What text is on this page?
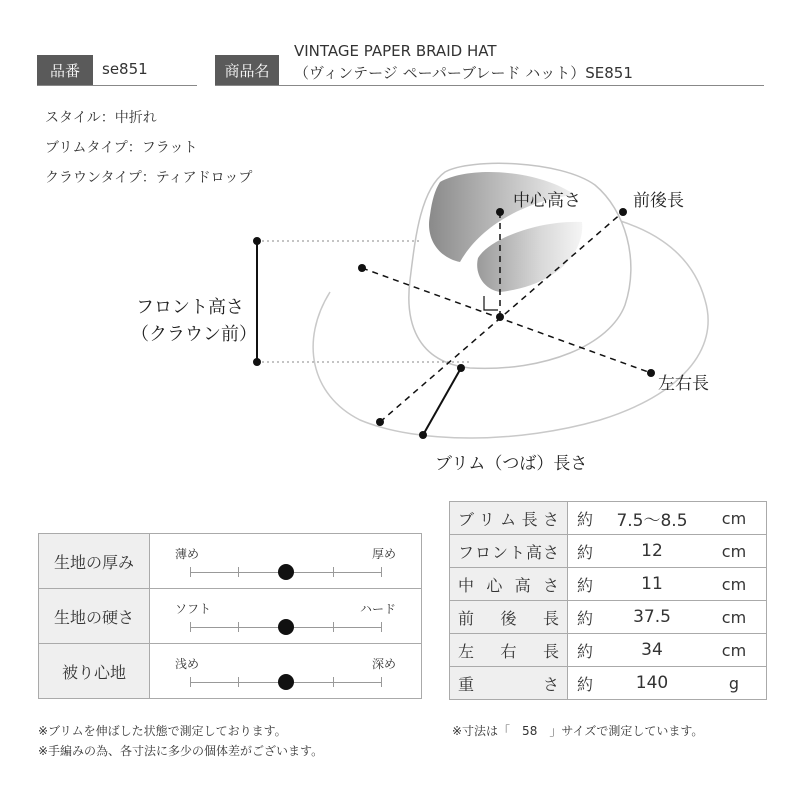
品番	se851	商品名
VINTAGE PAPER BRAID HAT
（ヴィンテージ ペーパーブレード ハット）SE851
スタイル：中折れ
ブリムタイプ：フラット
クラウンタイプ：ティアドロップ
中心高さ	前後長
フロント高さ
（クラウン前）
左右長
ブリム（つば）長さ
生地の厚み	薄め 厚め

生地の硬さ	ソフト ハード

被り心地	浅め 深め
ブリム長さ	約	7.5～8.5	cm
フロント高さ	約	12	cm
中心高さ	約	11	cm
前後長	約	37.5	cm
左右長	約	34	cm
重さ	約	140	g
※ブリムを伸ばした状態で測定しております。
※手編みの為、各寸法に多少の個体差がございます。
※寸法は「　58　」サイズで測定しています。
